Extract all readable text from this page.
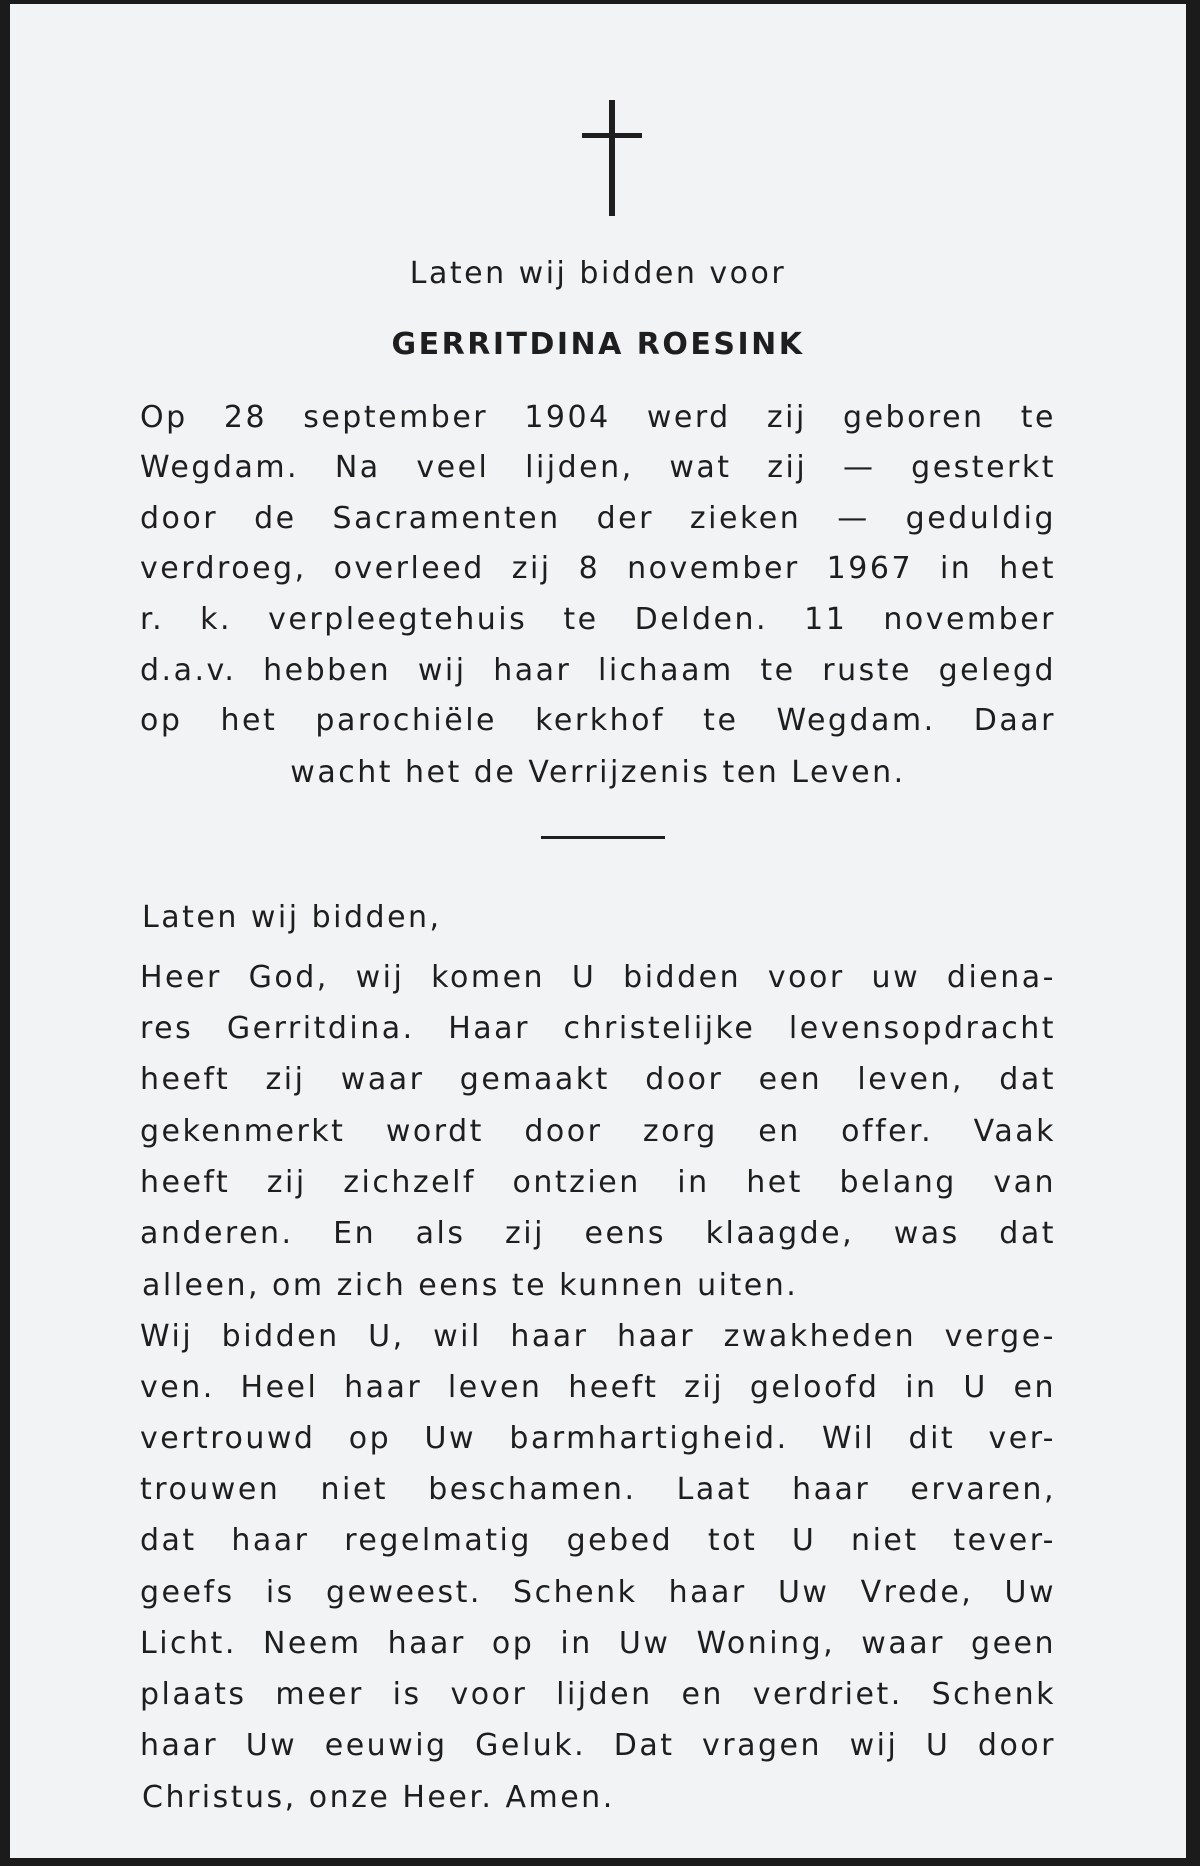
Laten wij bidden voor
GERRITDINA ROESINK
Op 28 september 1904 werd zij geboren te
Wegdam. Na veel lijden, wat zij — gesterkt
door de Sacramenten der zieken — geduldig
verdroeg, overleed zij 8 november 1967 in het
r. k. verpleegtehuis te Delden. 11 november
d.a.v. hebben wij haar lichaam te ruste gelegd
op het parochiële kerkhof te Wegdam. Daar
wacht het de Verrijzenis ten Leven.
Laten wij bidden,
Heer God, wij komen U bidden voor uw diena-
res Gerritdina. Haar christelijke levensopdracht
heeft zij waar gemaakt door een leven, dat
gekenmerkt wordt door zorg en offer. Vaak
heeft zij zichzelf ontzien in het belang van
anderen. En als zij eens klaagde, was dat
alleen, om zich eens te kunnen uiten.
Wij bidden U, wil haar haar zwakheden verge-
ven. Heel haar leven heeft zij geloofd in U en
vertrouwd op Uw barmhartigheid. Wil dit ver-
trouwen niet beschamen. Laat haar ervaren,
dat haar regelmatig gebed tot U niet tever-
geefs is geweest. Schenk haar Uw Vrede, Uw
Licht. Neem haar op in Uw Woning, waar geen
plaats meer is voor lijden en verdriet. Schenk
haar Uw eeuwig Geluk. Dat vragen wij U door
Christus, onze Heer. Amen.
